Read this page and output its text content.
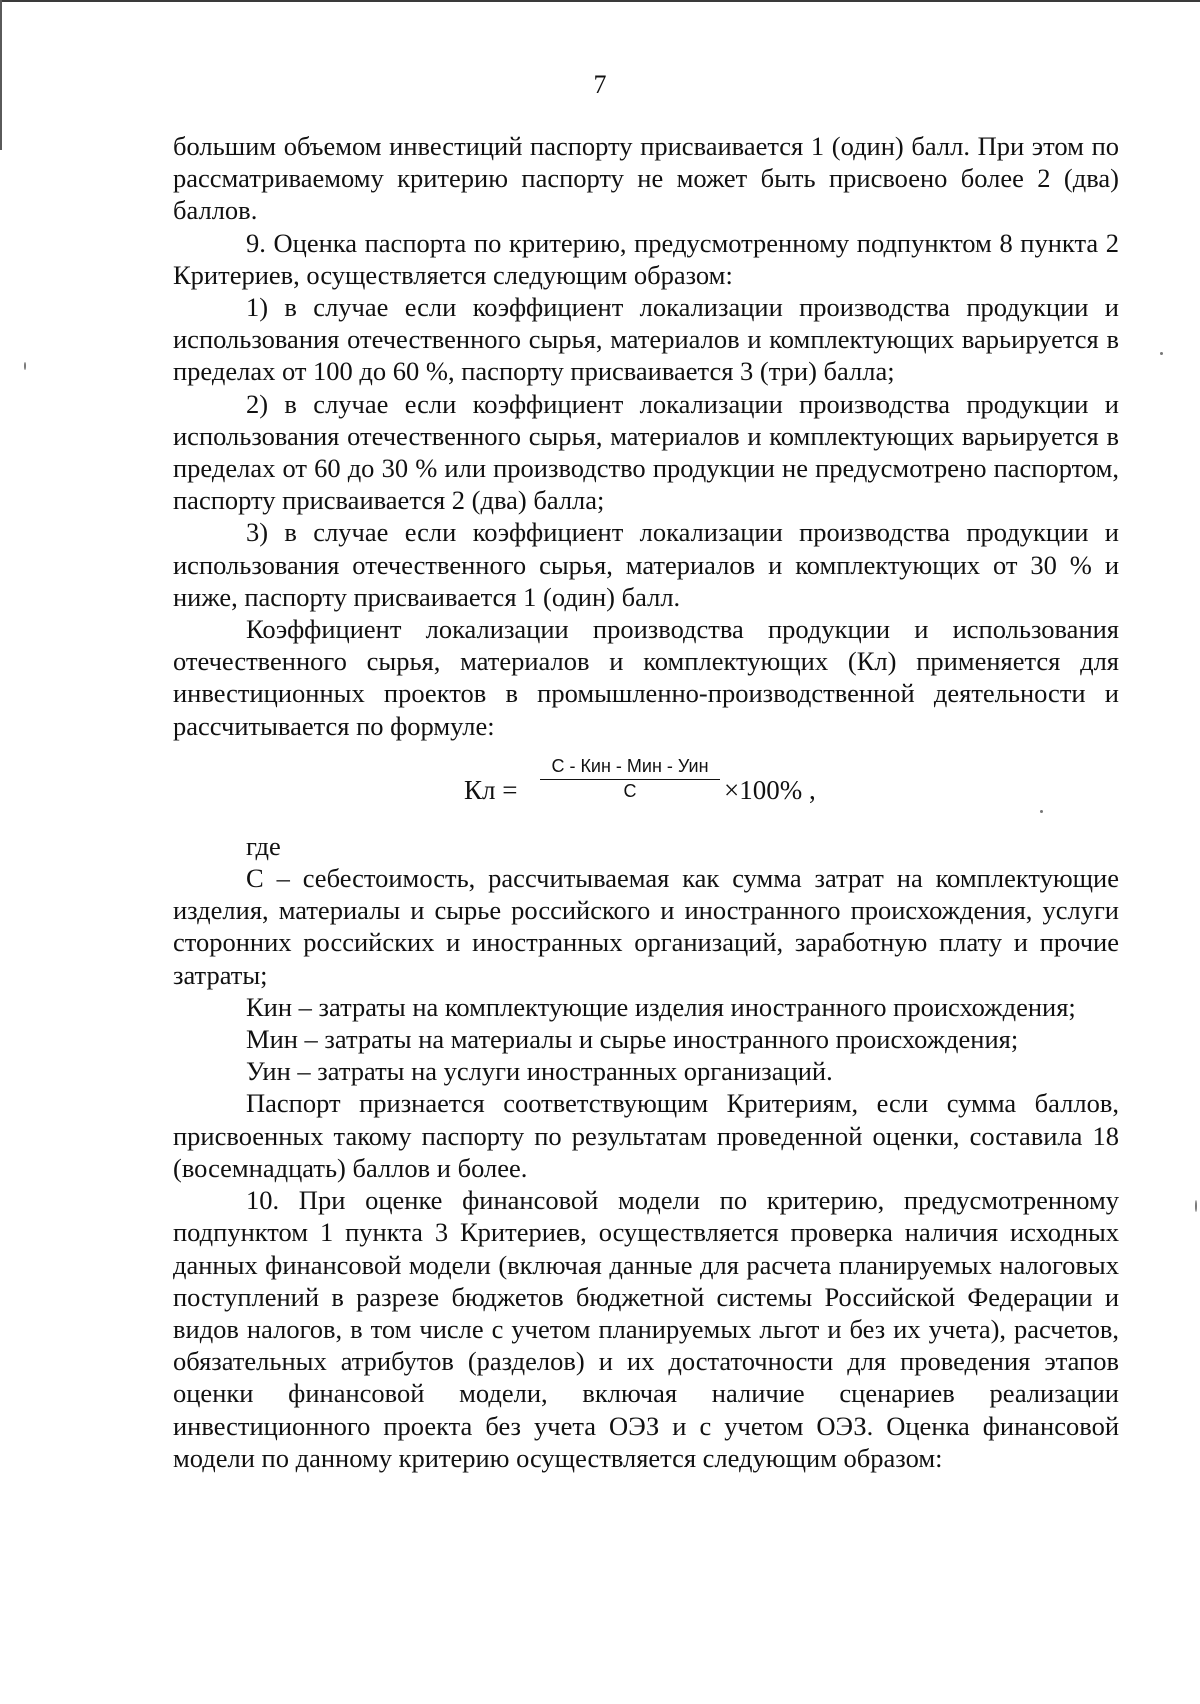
7

большим объемом инвестиций паспорту присваивается 1 (один) балл. При этом по рассматриваемому критерию паспорту не может быть присвоено более 2 (два) баллов.

9. Оценка паспорта по критерию, предусмотренному подпунктом 8 пункта 2 Критериев, осуществляется следующим образом:

1) в случае если коэффициент локализации производства продукции и использования отечественного сырья, материалов и комплектующих варьируется в пределах от 100 до 60 %, паспорту присваивается 3 (три) балла;

2) в случае если коэффициент локализации производства продукции и использования отечественного сырья, материалов и комплектующих варьируется в пределах от 60 до 30 % или производство продукции не предусмотрено паспортом, паспорту присваивается 2 (два) балла;

3) в случае если коэффициент локализации производства продукции и использования отечественного сырья, материалов и комплектующих от 30 % и ниже, паспорту присваивается 1 (один) балл.

Коэффициент локализации производства продукции и использования отечественного сырья, материалов и комплектующих (Кл) применяется для инвестиционных проектов в промышленно-производственной деятельности и рассчитывается по формуле:

Кл =
С - Кин - Мин - Уин
С	×100% ,

где

С – себестоимость, рассчитываемая как сумма затрат на комплектующие изделия, материалы и сырье российского и иностранного происхождения, услуги сторонних российских и иностранных организаций, заработную плату и прочие затраты;

Кин – затраты на комплектующие изделия иностранного происхождения;

Мин – затраты на материалы и сырье иностранного происхождения;

Уин – затраты на услуги иностранных организаций.

Паспорт признается соответствующим Критериям, если сумма баллов, присвоенных такому паспорту по результатам проведенной оценки, составила 18 (восемнадцать) баллов и более.

10. При оценке финансовой модели по критерию, предусмотренному подпунктом 1 пункта 3 Критериев, осуществляется проверка наличия исходных данных финансовой модели (включая данные для расчета планируемых налоговых поступлений в разрезе бюджетов бюджетной системы Российской Федерации и видов налогов, в том числе с учетом планируемых льгот и без их учета), расчетов, обязательных атрибутов (разделов) и их достаточности для проведения этапов оценки финансовой модели, включая наличие сценариев реализации инвестиционного проекта без учета ОЭЗ и с учетом ОЭЗ. Оценка финансовой модели по данному критерию осуществляется следующим образом:
